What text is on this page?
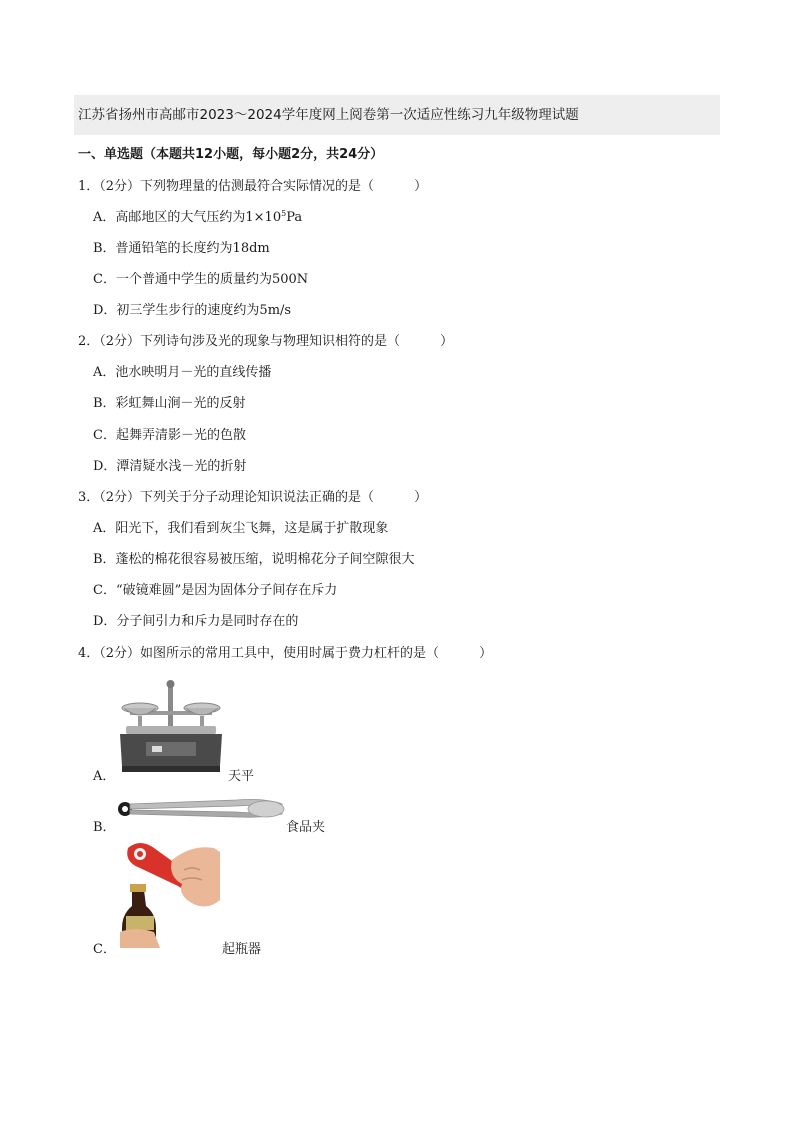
江苏省扬州市高邮市2023～2024学年度网上阅卷第一次适应性练习九年级物理试题
一、单选题（本题共12小题，每小题2分，共24分）
1．（2分）下列物理量的估测最符合实际情况的是（	）
A．高邮地区的大气压约为$1\times 10^5Pa$
B．普通铅笔的长度约为18dm
C．一个普通中学生的质量约为500N
D．初三学生步行的速度约为5m/s
2．（2分）下列诗句涉及光的现象与物理知识相符的是（	）
A．池水映明月－光的直线传播
B．彩虹舞山涧－光的反射
C．起舞弄清影－光的色散
D．潭清疑水浅－光的折射
3．（2分）下列关于分子动理论知识说法正确的是（	）
A．阳光下，我们看到灰尘飞舞，这是属于扩散现象
B．蓬松的棉花很容易被压缩，说明棉花分子间空隙很大
C．“破镜难圆”是因为固体分子间存在斥力
D．分子间引力和斥力是同时存在的
4．（2分）如图所示的常用工具中，使用时属于费力杠杆的是（	）
A．	天平
B．	食品夹
C．	起瓶器
